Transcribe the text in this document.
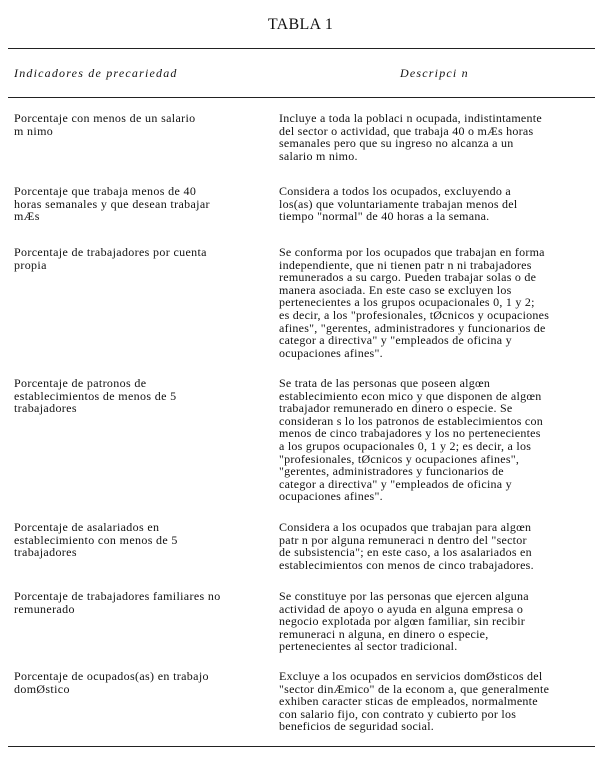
TABLA 1
Indicadores de precariedad	Descripci n
Porcentaje con menos de un salario
m nimo
Incluye a toda la poblaci n ocupada, indistintamente
del sector o actividad, que trabaja 40 o mÆs horas
semanales pero que su ingreso no alcanza a un
salario m nimo.
Porcentaje que trabaja menos de 40
horas semanales y que desean trabajar
mÆs
Considera a todos los ocupados, excluyendo a
los(as) que voluntariamente trabajan menos del
tiempo "normal" de 40 horas a la semana.
Porcentaje de trabajadores por cuenta
propia
Se conforma por los ocupados que trabajan en forma
independiente, que ni tienen patr n ni trabajadores
remunerados a su cargo. Pueden trabajar solas o de
manera asociada. En este caso se excluyen los
pertenecientes a los grupos ocupacionales 0, 1 y 2;
es decir, a los "profesionales, tØcnicos y ocupaciones
afines", "gerentes, administradores y funcionarios de
categor a directiva" y "empleados de oficina y
ocupaciones afines".
Porcentaje de patronos de
establecimientos de menos de 5
trabajadores
Se trata de las personas que poseen algœn
establecimiento econ mico y que disponen de algœn
trabajador remunerado en dinero o especie. Se
consideran s lo los patronos de establecimientos con
menos de cinco trabajadores y los no pertenecientes
a los grupos ocupacionales 0, 1 y 2; es decir, a los
"profesionales, tØcnicos y ocupaciones afines",
"gerentes, administradores y funcionarios de
categor a directiva" y "empleados de oficina y
ocupaciones afines".
Porcentaje de asalariados en
establecimiento con menos de 5
trabajadores
Considera a los ocupados que trabajan para algœn
patr n por alguna remuneraci n dentro del "sector
de subsistencia"; en este caso, a los asalariados en
establecimientos con menos de cinco trabajadores.
Porcentaje de trabajadores familiares no
remunerado
Se constituye por las personas que ejercen alguna
actividad de apoyo o ayuda en alguna empresa o
negocio explotada por algœn familiar, sin recibir
remuneraci n alguna, en dinero o especie,
pertenecientes al sector tradicional.
Porcentaje de ocupados(as) en trabajo
domØstico
Excluye a los ocupados en servicios domØsticos del
"sector dinÆmico" de la econom a, que generalmente
exhiben caracter sticas de empleados, normalmente
con salario fijo, con contrato y cubierto por los
beneficios de seguridad social.
